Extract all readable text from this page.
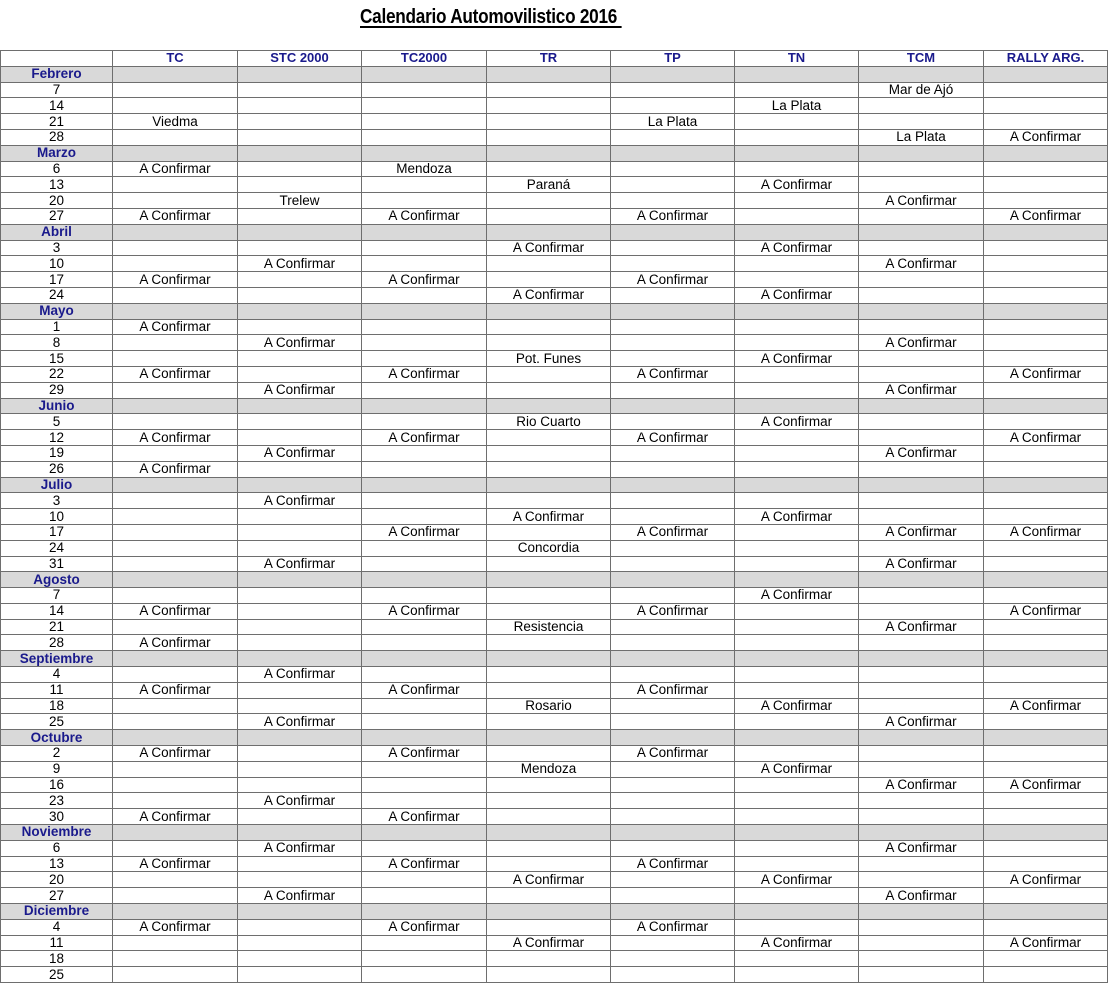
Calendario Automovilistico 2016
	TC	STC 2000	TC2000	TR	TP	TN	TCM	RALLY ARG.
Febrero								
7							Mar de Ajó	
14						La Plata		
21	Viedma				La Plata			
28							La Plata	A Confirmar
Marzo								
6	A Confirmar		Mendoza					
13				Paraná		A Confirmar		
20		Trelew					A Confirmar	
27	A Confirmar		A Confirmar		A Confirmar			A Confirmar
Abril								
3				A Confirmar		A Confirmar		
10		A Confirmar					A Confirmar	
17	A Confirmar		A Confirmar		A Confirmar			
24				A Confirmar		A Confirmar		
Mayo								
1	A Confirmar							
8		A Confirmar					A Confirmar	
15				Pot. Funes		A Confirmar		
22	A Confirmar		A Confirmar		A Confirmar			A Confirmar
29		A Confirmar					A Confirmar	
Junio								
5				Rio Cuarto		A Confirmar		
12	A Confirmar		A Confirmar		A Confirmar			A Confirmar
19		A Confirmar					A Confirmar	
26	A Confirmar							
Julio								
3		A Confirmar						
10				A Confirmar		A Confirmar		
17			A Confirmar		A Confirmar		A Confirmar	A Confirmar
24				Concordia				
31		A Confirmar					A Confirmar	
Agosto								
7						A Confirmar		
14	A Confirmar		A Confirmar		A Confirmar			A Confirmar
21				Resistencia			A Confirmar	
28	A Confirmar							
Septiembre								
4		A Confirmar						
11	A Confirmar		A Confirmar		A Confirmar			
18				Rosario		A Confirmar		A Confirmar
25		A Confirmar					A Confirmar	
Octubre								
2	A Confirmar		A Confirmar		A Confirmar			
9				Mendoza		A Confirmar		
16							A Confirmar	A Confirmar
23		A Confirmar						
30	A Confirmar		A Confirmar					
Noviembre								
6		A Confirmar					A Confirmar	
13	A Confirmar		A Confirmar		A Confirmar			
20				A Confirmar		A Confirmar		A Confirmar
27		A Confirmar					A Confirmar	
Diciembre								
4	A Confirmar		A Confirmar		A Confirmar			
11				A Confirmar		A Confirmar		A Confirmar
18								
25								
